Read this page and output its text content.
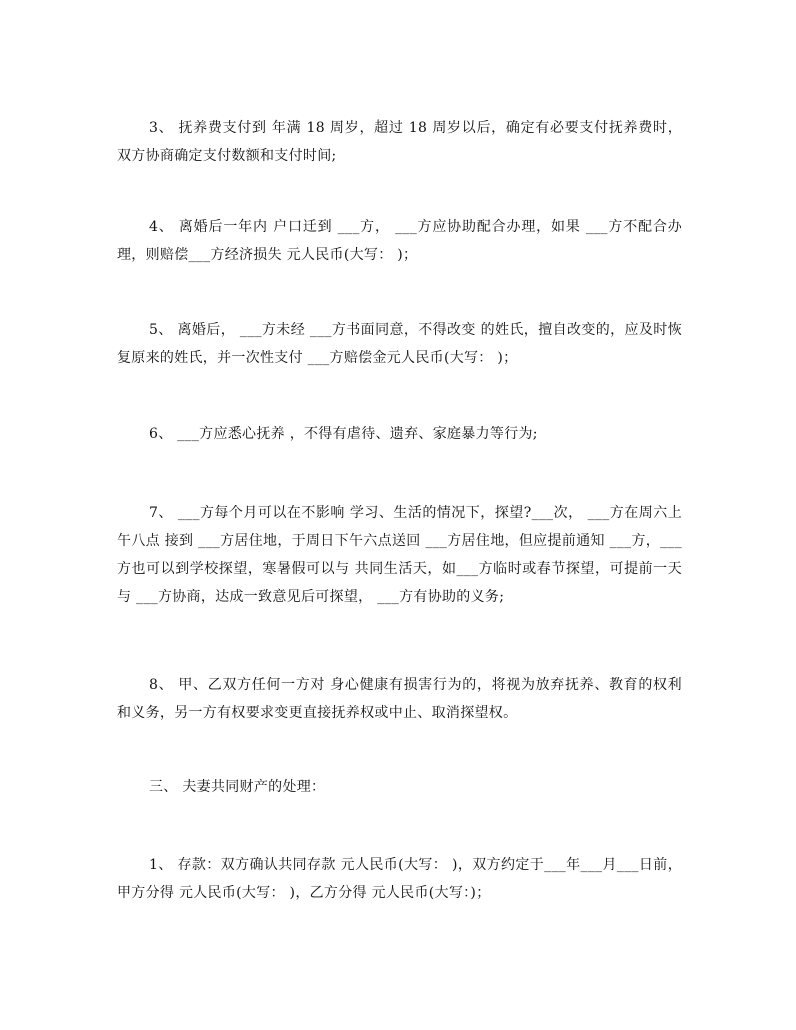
3、 抚养费支付到 年满 18 周岁，超过 18 周岁以后，确定有必要支付抚养费时， 双方协商确定支付数额和支付时间;

4、 离婚后一年内 户口迁到 ___方， ___方应协助配合办理，如果 ___方不配合办理，则赔偿___方经济损失 元人民币(大写： )；

5、 离婚后， ___方未经 ___方书面同意，不得改变 的姓氏，擅自改变的，应及时恢复原来的姓氏，并一次性支付 ___方赔偿金元人民币(大写： )；

6、 ___方应悉心抚养 ，不得有虐待、遗弃、家庭暴力等行为;

7、 ___方每个月可以在不影响 学习、生活的情况下，探望?___次， ___方在周六上午八点 接到 ___方居住地，于周日下午六点送回 ___方居住地，但应提前通知 ___方，___方也可以到学校探望，寒暑假可以与 共同生活天，如___方临时或春节探望，可提前一天与 ___方协商，达成一致意见后可探望， ___方有协助的义务;

8、 甲、乙双方任何一方对 身心健康有损害行为的，将视为放弃抚养、教育的权利和义务，另一方有权要求变更直接抚养权或中止、取消探望权。

三、 夫妻共同财产的处理：

1、 存款：双方确认共同存款 元人民币(大写： )，双方约定于___年___月___日前，甲方分得 元人民币(大写： )，乙方分得 元人民币(大写：)；
